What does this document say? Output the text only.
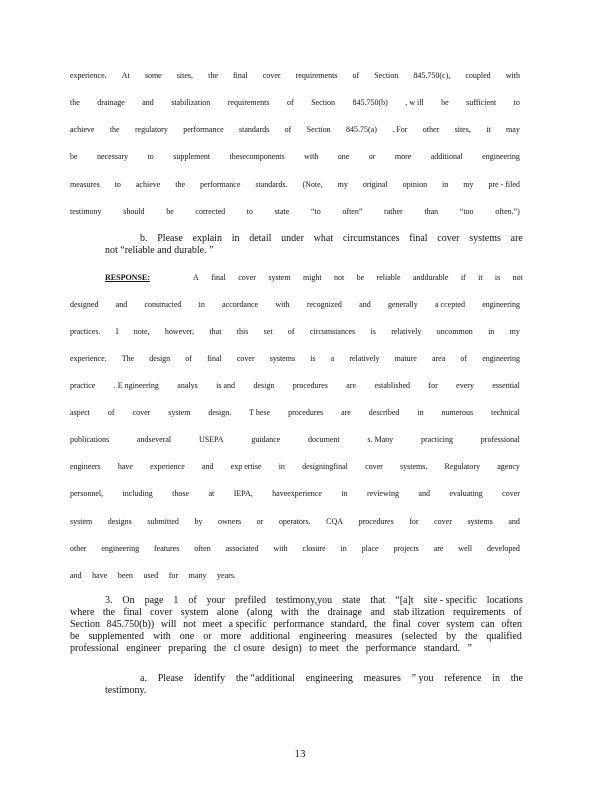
experience. At some sites, the final cover requirements of Section 845.750(c), coupled with
the drainage and stabilization requirements of Section 845.750(b) , w ill be sufficient to
achieve the regulatory performance standards of Section 845.75(a) . For other sites, it may
be necessary to supplement thesecomponents with one or more additional engineering
measures to achieve the performance standards. (Note, my original opinion in my pre - filed
testimony	should	be	corrected	to	state	“to	often”	rather	than	“too	often.”)
b. Please explain in detail under what circumstances final cover systems are
not “reliable and durable. ”
RESPONSE:	A final cover system might not be reliable anddurable if it is not
designed and constructed in accordance with recognized and generally a ccepted engineering
practices. I note, however, that this set of circumstances is relatively uncommon in my
experience. The design of final cover systems is a relatively mature area of engineering
practice . E ngineering analys is and design procedures are established for every essential
aspect of cover system design. T hese procedures are described in numerous technical
publications	andseveral	USEPA	guidance	document	s. Many	practicing	professional
engineers have experience and exp ertise in designingfinal cover systems. Regulatory agency
personnel, including those at IEPA, haveexperience in reviewing and evaluating cover
system designs submitted by owners or operators. CQA procedures for cover systems and
other engineering features often associated with closure in place projects are well developed
and have been used for many years.
3. On page 1 of your prefiled testimony,you state that “[a]t site - specific locations
where the final cover system alone (along with the drainage and stab ilization requirements of
Section 845.750(b)) will not meet a specific performance standard, the final cover system can often
be supplemented with one or more additional engineering measures (selected by the qualified
professional engineer preparing the cl osure design) to meet the performance standard. ”
a. Please identify the “additional engineering measures ” you reference in the
testimony.
13
